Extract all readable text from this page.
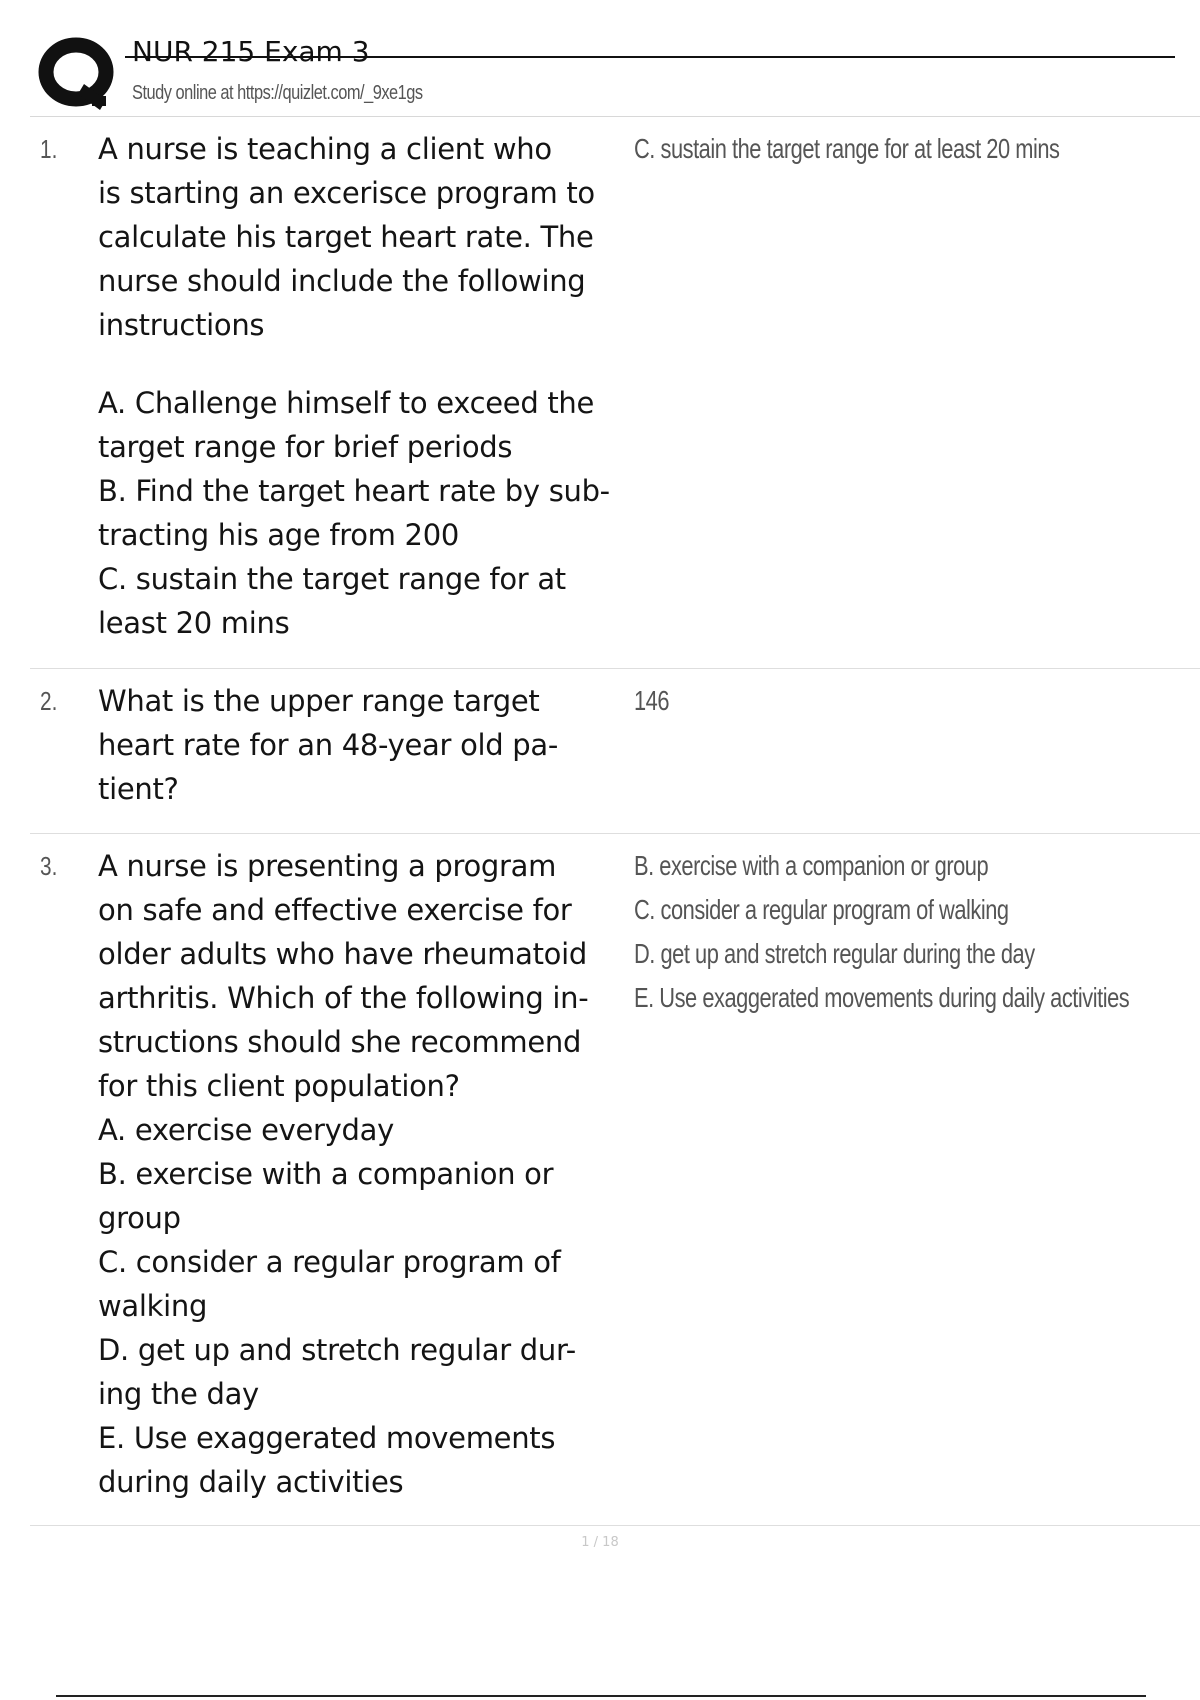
NUR 215 Exam 3
Study online at https://quizlet.com/_9xe1gs
1. A nurse is teaching a client who
is starting an excerisce program to
calculate his target heart rate. The
nurse should include the following
instructions
A. Challenge himself to exceed the
target range for brief periods
B. Find the target heart rate by sub-
tracting his age from 200
C. sustain the target range for at
least 20 mins
C. sustain the target range for at least 20 mins
2. What is the upper range target
heart rate for an 48-year old pa-
tient?
146
3. A nurse is presenting a program
on safe and effective exercise for
older adults who have rheumatoid
arthritis. Which of the following in-
structions should she recommend
for this client population?
A. exercise everyday
B. exercise with a companion or
group
C. consider a regular program of
walking
D. get up and stretch regular dur-
ing the day
E. Use exaggerated movements
during daily activities
B. exercise with a companion or group
C. consider a regular program of walking
D. get up and stretch regular during the day
E. Use exaggerated movements during daily activities
1 / 18
